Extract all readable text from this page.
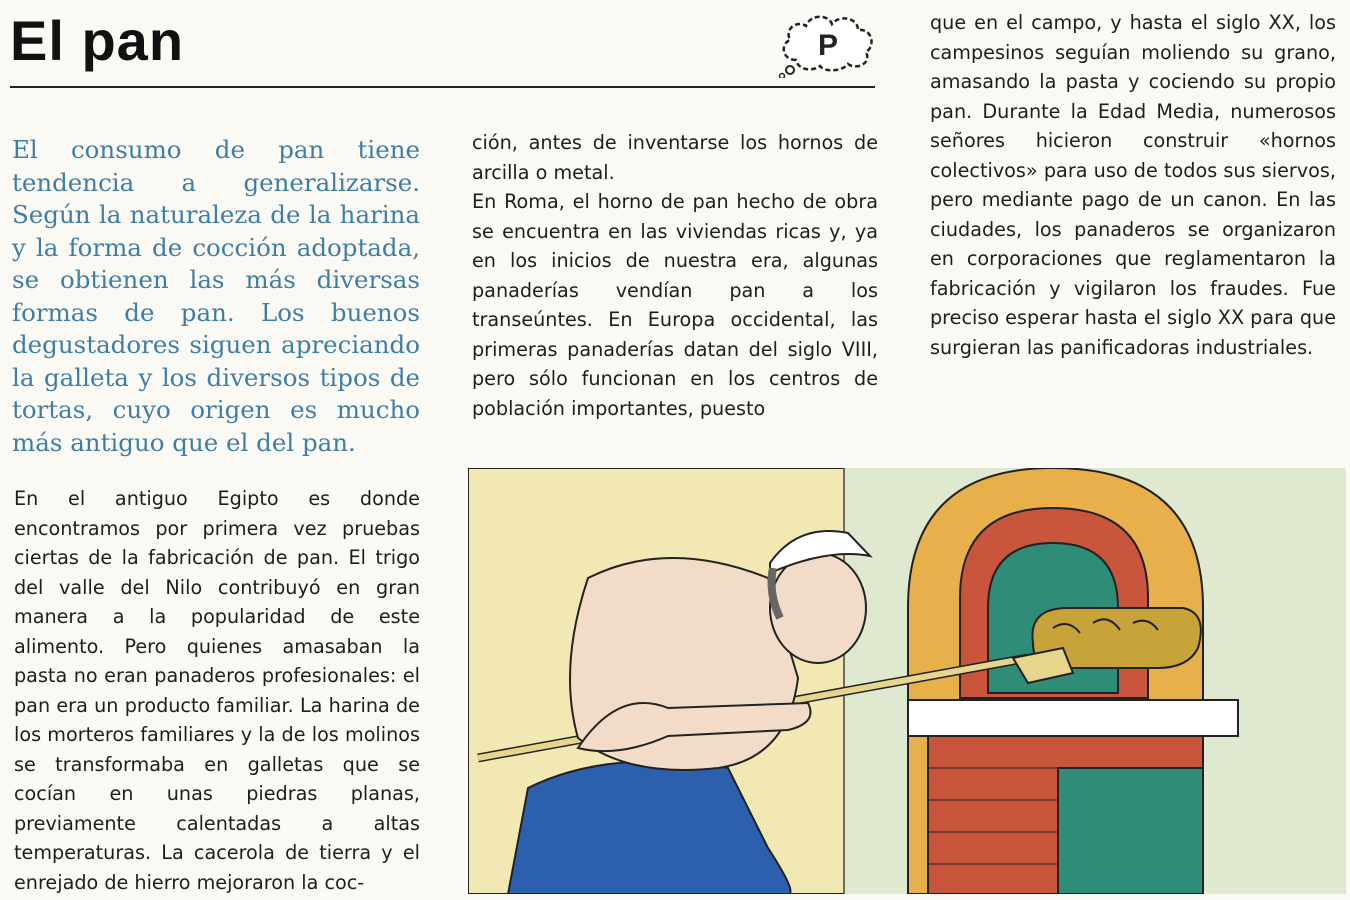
El pan	P

El consumo de pan tiene tendencia a generalizarse. Según la naturaleza de la harina y la forma de cocción adoptada, se obtienen las más diversas formas de pan. Los buenos degustadores siguen apreciando la galleta y los diversos tipos de tortas, cuyo origen es mucho más antiguo que el del pan.

En el antiguo Egipto es donde encontramos por primera vez pruebas ciertas de la fabricación de pan. El trigo del valle del Nilo contribuyó en gran manera a la popularidad de este alimento. Pero quienes amasaban la pasta no eran panaderos profesionales: el pan era un producto familiar. La harina de los morteros familiares y la de los molinos se transformaba en galletas que se cocían en unas piedras planas, previamente calentadas a altas temperaturas. La cacerola de tierra y el enrejado de hierro mejoraron la coc-

ción, antes de inventarse los hornos de arcilla o metal.

En Roma, el horno de pan hecho de obra se encuentra en las viviendas ricas y, ya en los inicios de nuestra era, algunas panaderías vendían pan a los transeúntes. En Europa occidental, las primeras panaderías datan del siglo VIII, pero sólo funcionan en los centros de población importantes, puesto

que en el campo, y hasta el siglo XX, los campesinos seguían moliendo su grano, amasando la pasta y cociendo su propio pan. Durante la Edad Media, numerosos señores hicieron construir «hornos colectivos» para uso de todos sus siervos, pero mediante pago de un canon. En las ciudades, los panaderos se organizaron en corporaciones que reglamentaron la fabricación y vigilaron los fraudes. Fue preciso esperar hasta el siglo XX para que surgieran las panificadoras industriales.
